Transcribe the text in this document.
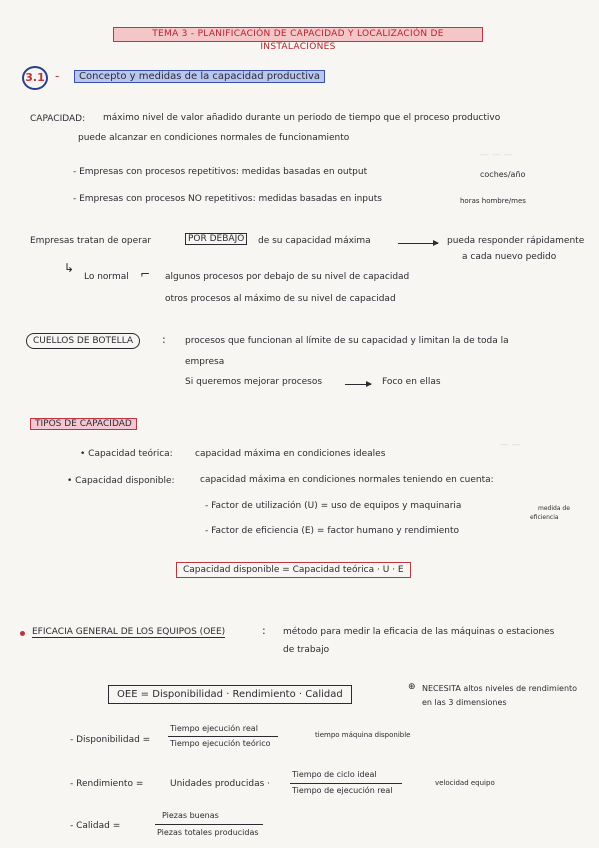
— — —
— —
TEMA 3 - PLANIFICACIÓN DE CAPACIDAD Y LOCALIZACIÓN DE INSTALACIONES
3.1 -	Concepto y medidas de la capacidad productiva
CAPACIDAD: máximo nivel de valor añadido durante un periodo de tiempo que el proceso productivo
puede alcanzar en condiciones normales de funcionamiento
- Empresas con procesos repetitivos: medidas basadas en output	coches/año
- Empresas con procesos NO repetitivos: medidas basadas en inputs	horas hombre/mes
Empresas tratan de operar	POR DEBAJO	de su capacidad máxima	pueda responder rápidamente
a cada nuevo pedido
↳
Lo normal ⌐ algunos procesos por debajo de su nivel de capacidad
otros procesos al máximo de su nivel de capacidad
CUELLOS DE BOTELLA	: procesos que funcionan al límite de su capacidad y limitan la de toda la
empresa
Si queremos mejorar procesos	Foco en ellas
TIPOS DE CAPACIDAD
• Capacidad teórica: capacidad máxima en condiciones ideales
• Capacidad disponible:	capacidad máxima en condiciones normales teniendo en cuenta:
- Factor de utilización (U) = uso de equipos y maquinaria
- Factor de eficiencia (E) = factor humano y rendimiento
medida de
eficiencia
Capacidad disponible = Capacidad teórica · U · E
EFICACIA GENERAL DE LOS EQUIPOS (OEE)	: método para medir la eficacia de las máquinas o estaciones
de trabajo
OEE = Disponibilidad · Rendimiento · Calidad
⊕ NECESITA altos niveles de rendimiento
en las 3 dimensiones
- Disponibilidad =
Tiempo ejecución real
Tiempo ejecución teórico
tiempo máquina disponible
- Rendimiento =	Unidades producidas ·
Tiempo de ciclo ideal
Tiempo de ejecución real
velocidad equipo
- Calidad =
Piezas buenas
Piezas totales producidas
